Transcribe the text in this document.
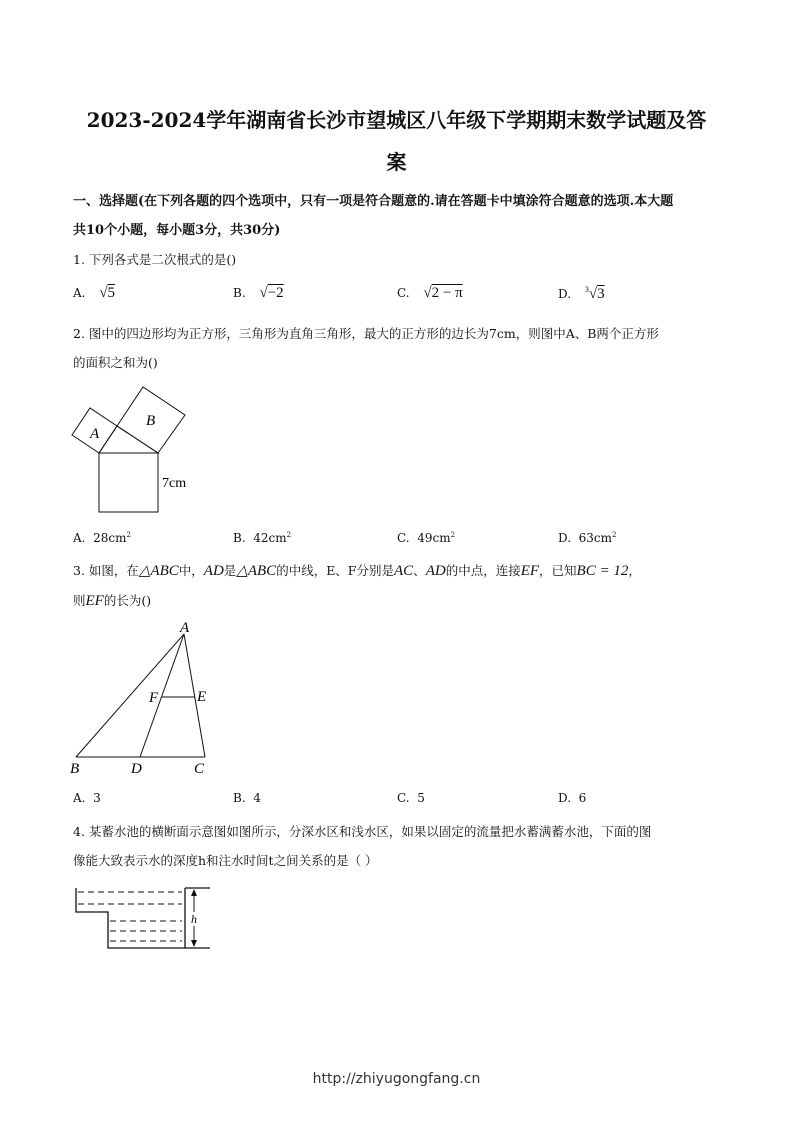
2023-2024学年湖南省长沙市望城区八年级下学期期末数学试题及答
案
一、选择题(在下列各题的四个选项中，只有一项是符合题意的.请在答题卡中填涂符合题意的选项.本大题
共10个小题，每小题3分，共30分)
1. 下列各式是二次根式的是()
A. √5	B. √−2	C. √2 − π	D. $^3$√3
2. 图中的四边形均为正方形，三角形为直角三角形，最大的正方形的边长为7cm，则图中A、B两个正方形
的面积之和为()
A
B
7cm
A. $28cm^2$	B. $42cm^2$	C. $49cm^2$	D. $63cm^2$
3. 如图，在△ABC中，AD是△ABC的中线，E、F分别是AC、AD的中点，连接EF，已知BC = 12，
则EF的长为()
A
B	C
D
E
F
A. 3	B. 4	C. 5	D. 6
4. 某蓄水池的横断面示意图如图所示，分深水区和浅水区，如果以固定的流量把水蓄满蓄水池，下面的图
像能大致表示水的深度h和注水时间t之间关系的是（ ）
h
http://zhiyugongfang.cn
